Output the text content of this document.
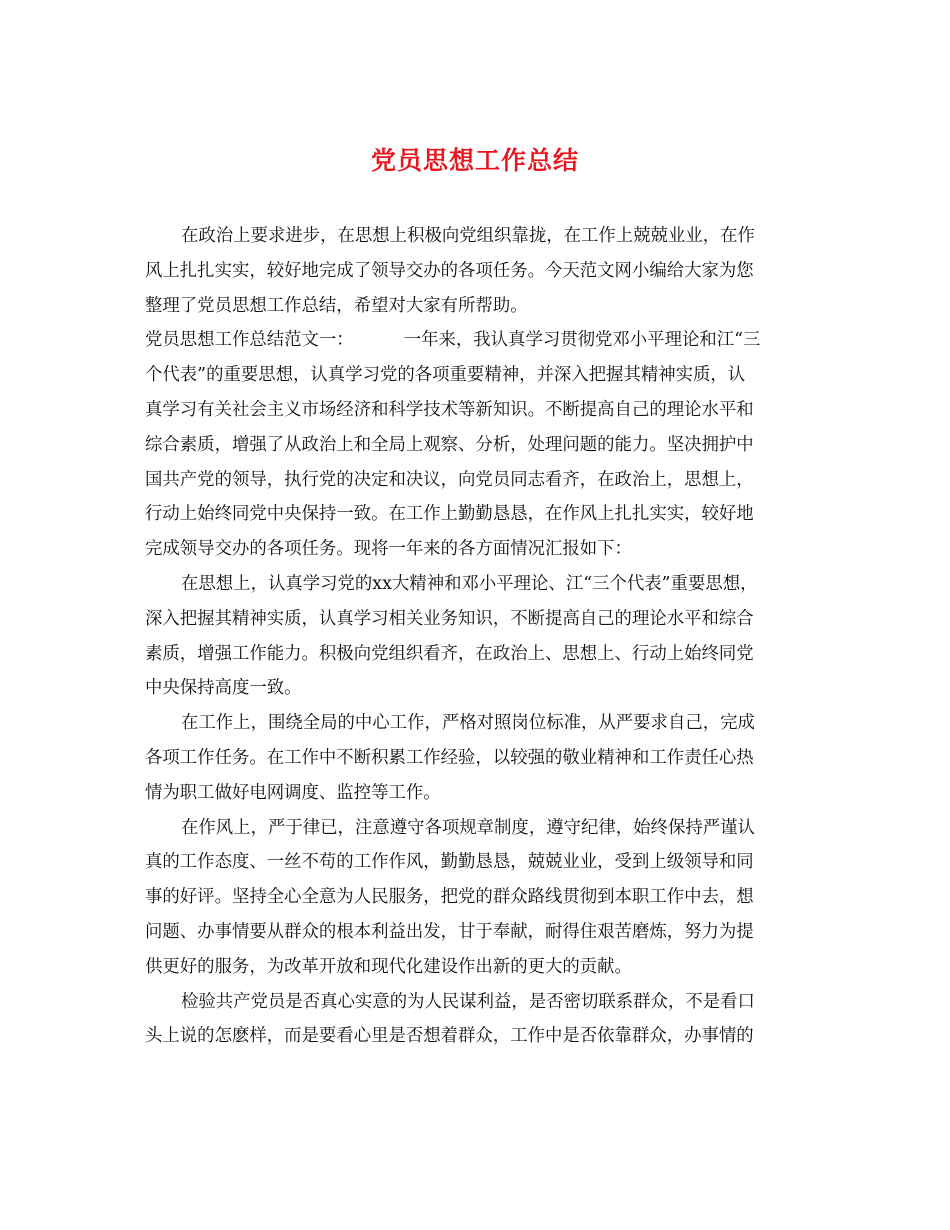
党员思想工作总结
在政治上要求进步，在思想上积极向党组织靠拢，在工作上兢兢业业，在作
风上扎扎实实，较好地完成了领导交办的各项任务。今天范文网小编给大家为您
整理了党员思想工作总结，希望对大家有所帮助。
党员思想工作总结范文一：	一年来，我认真学习贯彻党邓小平理论和江“三
个代表”的重要思想，认真学习党的各项重要精神，并深入把握其精神实质，认
真学习有关社会主义市场经济和科学技术等新知识。不断提高自己的理论水平和
综合素质，增强了从政治上和全局上观察、分析，处理问题的能力。坚决拥护中
国共产党的领导，执行党的决定和决议，向党员同志看齐，在政治上，思想上，
行动上始终同党中央保持一致。在工作上勤勤恳恳，在作风上扎扎实实，较好地
完成领导交办的各项任务。现将一年来的各方面情况汇报如下：
在思想上，认真学习党的xx大精神和邓小平理论、江“三个代表”重要思想，
深入把握其精神实质，认真学习相关业务知识，不断提高自己的理论水平和综合
素质，增强工作能力。积极向党组织看齐，在政治上、思想上、行动上始终同党
中央保持高度一致。
在工作上，围绕全局的中心工作，严格对照岗位标准，从严要求自己，完成
各项工作任务。在工作中不断积累工作经验，以较强的敬业精神和工作责任心热
情为职工做好电网调度、监控等工作。
在作风上，严于律已，注意遵守各项规章制度，遵守纪律，始终保持严谨认
真的工作态度、一丝不苟的工作作风，勤勤恳恳，兢兢业业，受到上级领导和同
事的好评。坚持全心全意为人民服务，把党的群众路线贯彻到本职工作中去，想
问题、办事情要从群众的根本利益出发，甘于奉献，耐得住艰苦磨炼，努力为提
供更好的服务，为改革开放和现代化建设作出新的更大的贡献。
检验共产党员是否真心实意的为人民谋利益，是否密切联系群众，不是看口
头上说的怎麽样，而是要看心里是否想着群众，工作中是否依靠群众，办事情的
